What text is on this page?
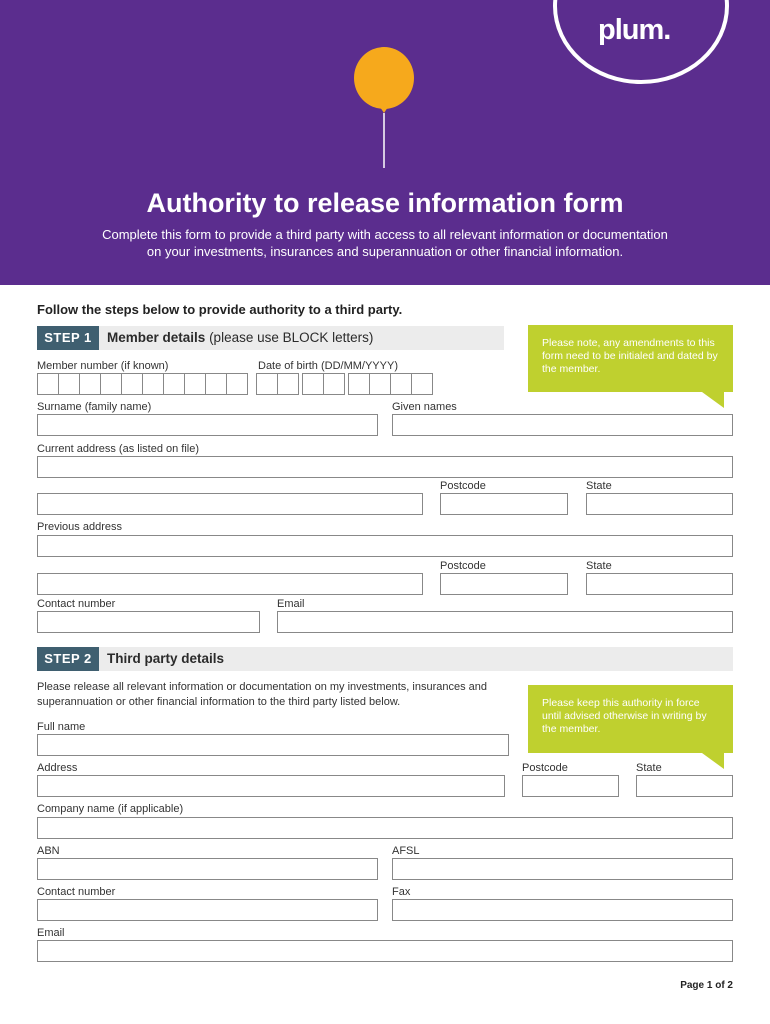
plum.
Authority to release information form
Complete this form to provide a third party with access to all relevant information or documentation
on your investments, insurances and superannuation or other financial information.
Follow the steps below to provide authority to a third party.
STEP 1	Member details (please use BLOCK letters)	Please note, any amendments to this form need to be initialed and dated by the member.
Member number (if known)	Date of birth (DD/MM/YYYY)
Surname (family name)	Given names
Current address (as listed on file)
Postcode	State
Previous address
Postcode	State
Contact number	Email
STEP 2	Third party details
Please release all relevant information or documentation on my investments, insurances and superannuation or other financial information to the third party listed below.	Please keep this authority in force until advised otherwise in writing by the member.
Full name
Address	Postcode	State
Company name (if applicable)
ABN	AFSL
Contact number	Fax
Email
Page 1 of 2
